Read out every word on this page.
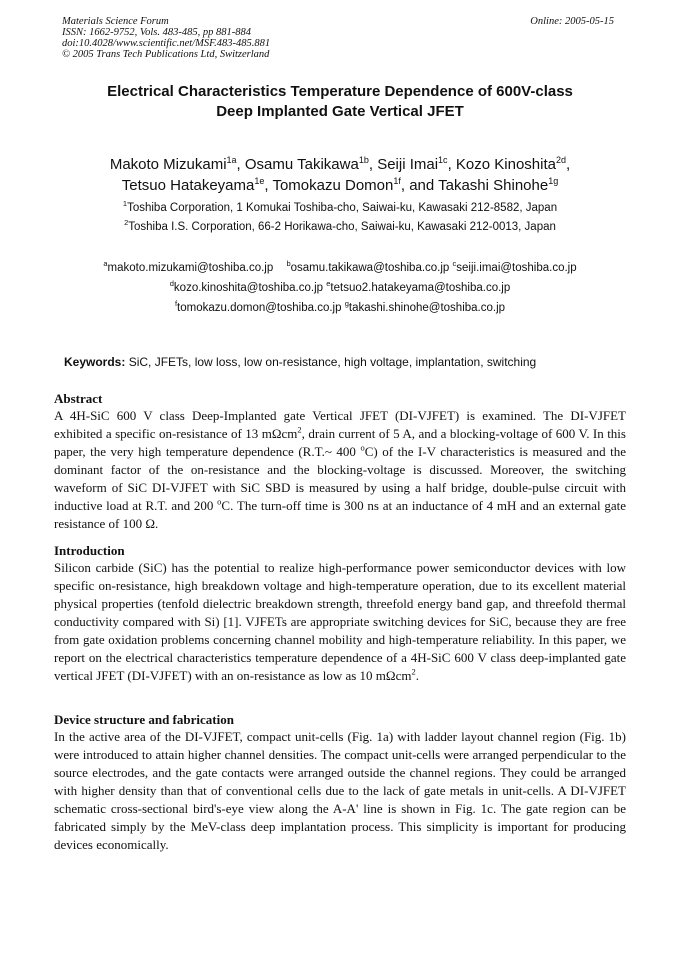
Materials Science Forum
ISSN: 1662-9752, Vols. 483-485, pp 881-884
doi:10.4028/www.scientific.net/MSF.483-485.881
© 2005 Trans Tech Publications Ltd, Switzerland
Online: 2005-05-15
Electrical Characteristics Temperature Dependence of 600V-class
Deep Implanted Gate Vertical JFET
Makoto Mizukami$^{1a}$, Osamu Takikawa$^{1b}$, Seiji Imai$^{1c}$, Kozo Kinoshita$^{2d}$,
Tetsuo Hatakeyama$^{1e}$, Tomokazu Domon$^{1f}$, and Takashi Shinohe$^{1g}$
$^1$Toshiba Corporation, 1 Komukai Toshiba-cho, Saiwai-ku, Kawasaki 212-8582, Japan
$^2$Toshiba I.S. Corporation, 66-2 Horikawa-cho, Saiwai-ku, Kawasaki 212-0013, Japan
$^a$makoto.mizukami@toshiba.co.jp $^b$osamu.takikawa@toshiba.co.jp $^c$seiji.imai@toshiba.co.jp
$^d$kozo.kinoshita@toshiba.co.jp $^e$tetsuo2.hatakeyama@toshiba.co.jp
$^f$tomokazu.domon@toshiba.co.jp $^g$takashi.shinohe@toshiba.co.jp
Keywords: SiC, JFETs, low loss, low on-resistance, high voltage, implantation, switching
Abstract

A 4H-SiC 600 V class Deep-Implanted gate Vertical JFET (DI-VJFET) is examined. The DI-VJFET exhibited a specific on-resistance of 13 mΩcm$^2$, drain current of 5 A, and a blocking-voltage of 600 V. In this paper, the very high temperature dependence (R.T.~ 400 $^o$C) of the I-V characteristics is measured and the dominant factor of the on-resistance and the blocking-voltage is discussed. Moreover, the switching waveform of SiC DI-VJFET with SiC SBD is measured by using a half bridge, double-pulse circuit with inductive load at R.T. and 200 $^o$C. The turn-off time is 300 ns at an inductance of 4 mH and an external gate resistance of 100 Ω.

Introduction

Silicon carbide (SiC) has the potential to realize high-performance power semiconductor devices with low specific on-resistance, high breakdown voltage and high-temperature operation, due to its excellent material physical properties (tenfold dielectric breakdown strength, threefold energy band gap, and threefold thermal conductivity compared with Si) [1]. VJFETs are appropriate switching devices for SiC, because they are free from gate oxidation problems concerning channel mobility and high-temperature reliability. In this paper, we report on the electrical characteristics temperature dependence of a 4H-SiC 600 V class deep-implanted gate vertical JFET (DI-VJFET) with an on-resistance as low as 10 mΩcm$^2$.

Device structure and fabrication

In the active area of the DI-VJFET, compact unit-cells (Fig. 1a) with ladder layout channel region (Fig. 1b) were introduced to attain higher channel densities. The compact unit-cells were arranged perpendicular to the source electrodes, and the gate contacts were arranged outside the channel regions. They could be arranged with higher density than that of conventional cells due to the lack of gate metals in unit-cells. A DI-VJFET schematic cross-sectional bird's-eye view along the A-A' line is shown in Fig. 1c. The gate region can be fabricated simply by the MeV-class deep implantation process. This simplicity is important for producing devices economically.
